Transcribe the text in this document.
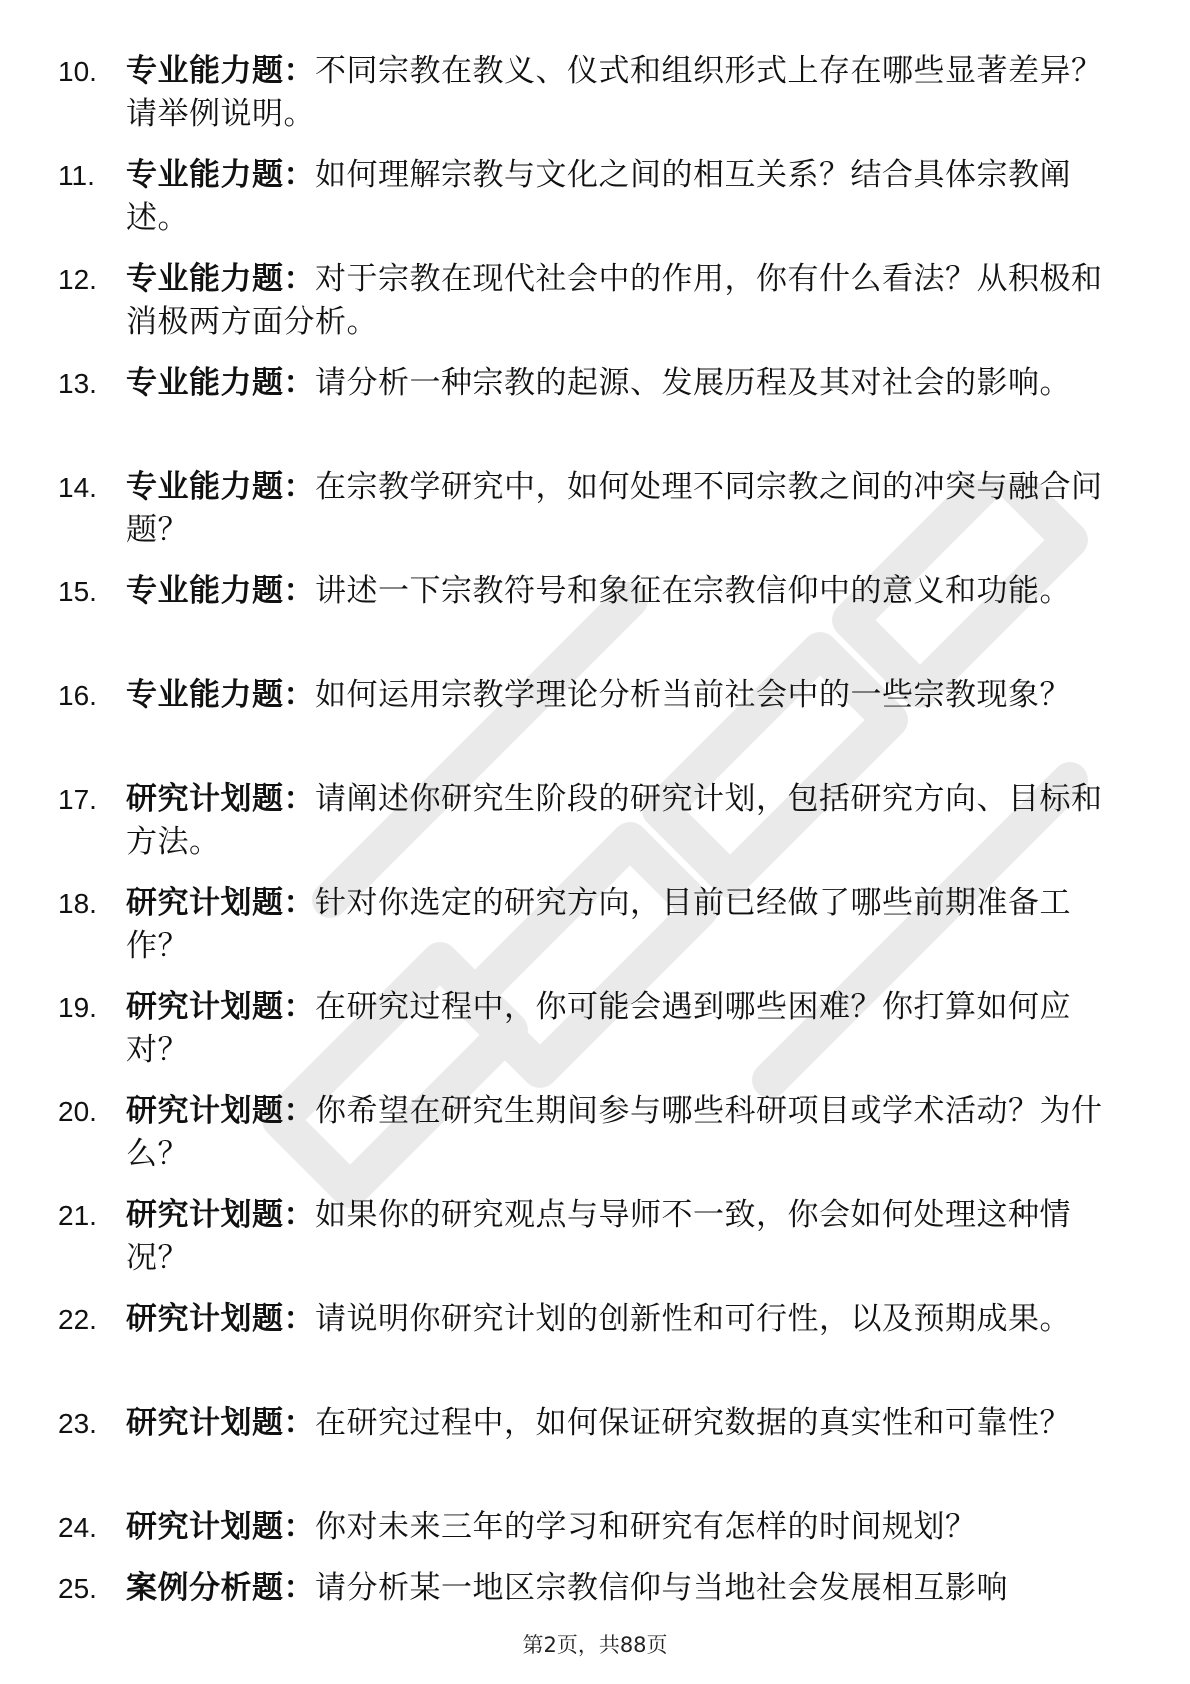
10. 专业能力题：不同宗教在教义、仪式和组织形式上存在哪些显著差异？请举例说明。
11.	专业能力题：如何理解宗教与文化之间的相互关系？结合具体宗教阐述。
12. 专业能力题：对于宗教在现代社会中的作用，你有什么看法？从积极和消极两方面分析。
13. 专业能力题：请分析一种宗教的起源、发展历程及其对社会的影响。
14. 专业能力题：在宗教学研究中，如何处理不同宗教之间的冲突与融合问题？
15. 专业能力题：讲述一下宗教符号和象征在宗教信仰中的意义和功能。
16. 专业能力题：如何运用宗教学理论分析当前社会中的一些宗教现象？
17. 研究计划题：请阐述你研究生阶段的研究计划，包括研究方向、目标和方法。
18. 研究计划题：针对你选定的研究方向，目前已经做了哪些前期准备工作？
19. 研究计划题：在研究过程中，你可能会遇到哪些困难？你打算如何应对？
20. 研究计划题：你希望在研究生期间参与哪些科研项目或学术活动？为什么？
21. 研究计划题：如果你的研究观点与导师不一致，你会如何处理这种情况？
22. 研究计划题：请说明你研究计划的创新性和可行性，以及预期成果。
23. 研究计划题：在研究过程中，如何保证研究数据的真实性和可靠性？
24. 研究计划题：你对未来三年的学习和研究有怎样的时间规划？
25. 案例分析题：请分析某一地区宗教信仰与当地社会发展相互影响
第2页，共88页
